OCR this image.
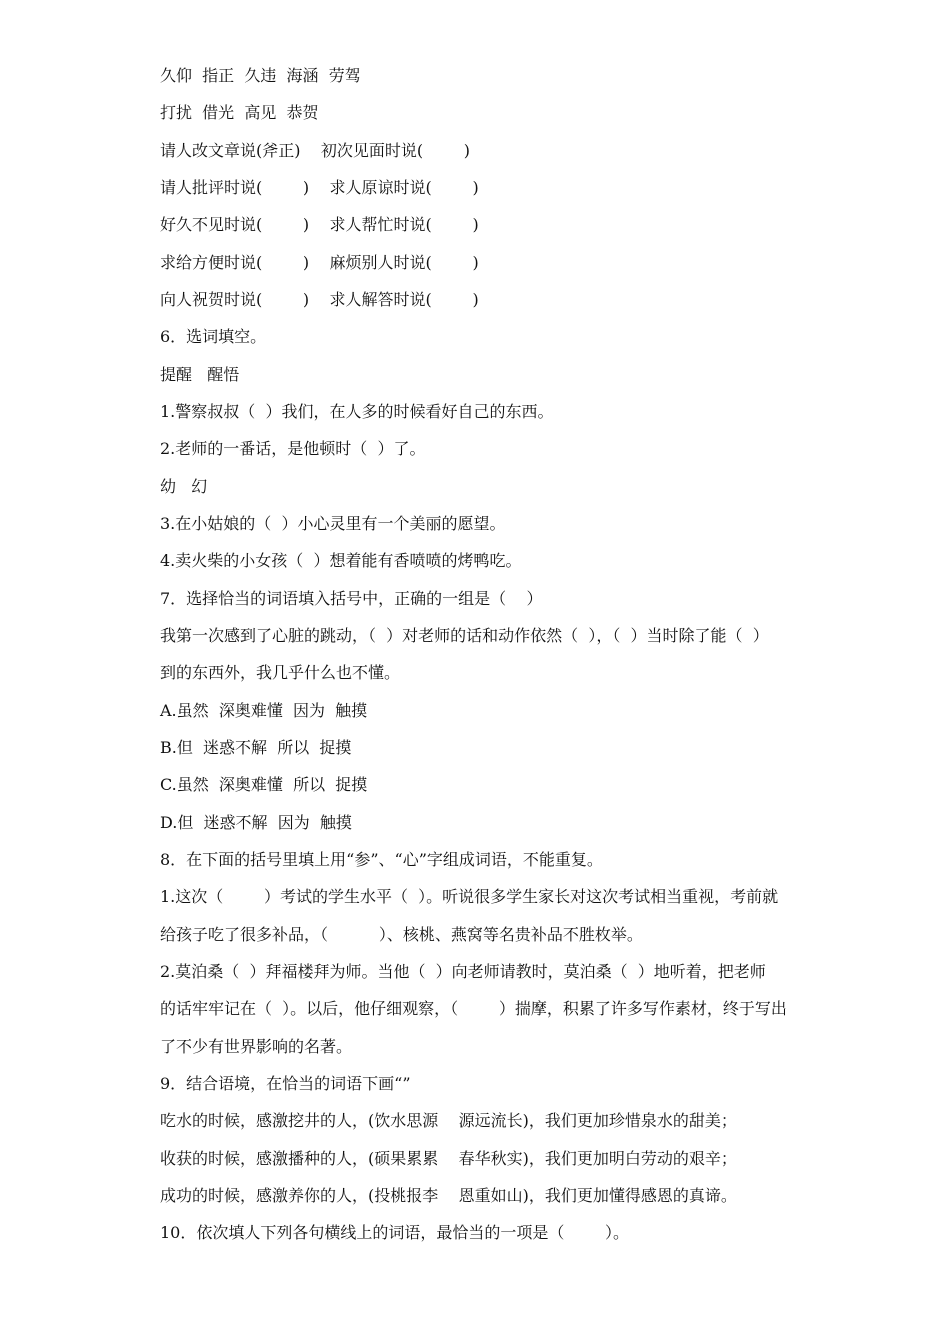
久仰  指正  久违  海涵  劳驾
打扰  借光  高见  恭贺
请人改文章说(斧正)    初次见面时说(        )
请人批评时说(        )    求人原谅时说(        )
好久不见时说(        )    求人帮忙时说(        )
求给方便时说(        )    麻烦别人时说(        )
向人祝贺时说(        )    求人解答时说(        )
6．选词填空。
提醒   醒悟
1.警察叔叔（  ）我们，在人多的时候看好自己的东西。
2.老师的一番话，是他顿时（  ）了。
幼   幻
3.在小姑娘的（  ）小心灵里有一个美丽的愿望。
4.卖火柴的小女孩（  ）想着能有香喷喷的烤鸭吃。
7．选择恰当的词语填入括号中，正确的一组是（    ）
我第一次感到了心脏的跳动，（  ）对老师的话和动作依然（  ），（  ）当时除了能（  ）
到的东西外，我几乎什么也不懂。
A.虽然  深奥难懂  因为  触摸
B.但  迷惑不解  所以  捉摸
C.虽然  深奥难懂  所以  捉摸
D.但  迷惑不解  因为  触摸
8．在下面的括号里填上用“参”、“心”字组成词语，不能重复。
1.这次（        ）考试的学生水平（  ）。听说很多学生家长对这次考试相当重视，考前就
给孩子吃了很多补品，（          ）、核桃、燕窝等名贵补品不胜枚举。
2.莫泊桑（  ）拜福楼拜为师。当他（  ）向老师请教时，莫泊桑（  ）地听着，把老师
的话牢牢记在（  ）。以后，他仔细观察，（        ）揣摩，积累了许多写作素材，终于写出
了不少有世界影响的名著。
9．结合语境，在恰当的词语下画“”
吃水的时候，感激挖井的人，(饮水思源    源远流长)，我们更加珍惜泉水的甜美；
收获的时候，感激播种的人，(硕果累累    春华秋实)，我们更加明白劳动的艰辛；
成功的时候，感激养你的人，(投桃报李    恩重如山)，我们更加懂得感恩的真谛。
10．依次填人下列各句横线上的词语，最恰当的一项是（        ）。
